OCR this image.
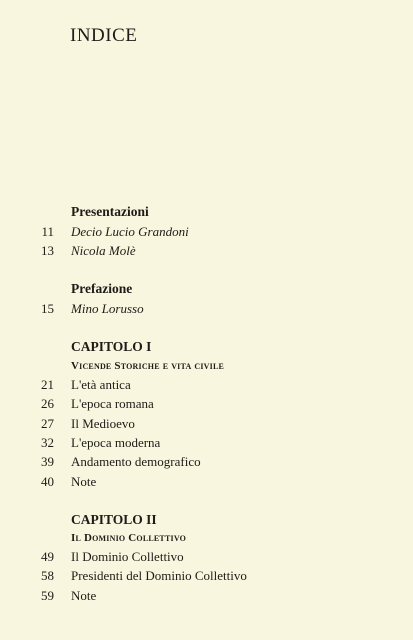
INDICE
Presentazioni
11 Decio Lucio Grandoni
13 Nicola Molè
Prefazione
15 Mino Lorusso
CAPITOLO I
Vicende Storiche e vita civile
21 L'età antica
26 L'epoca romana
27 Il Medioevo
32 L'epoca moderna
39 Andamento demografico
40 Note
CAPITOLO II
Il Dominio Collettivo
49 Il Dominio Collettivo
58 Presidenti del Dominio Collettivo
59 Note
